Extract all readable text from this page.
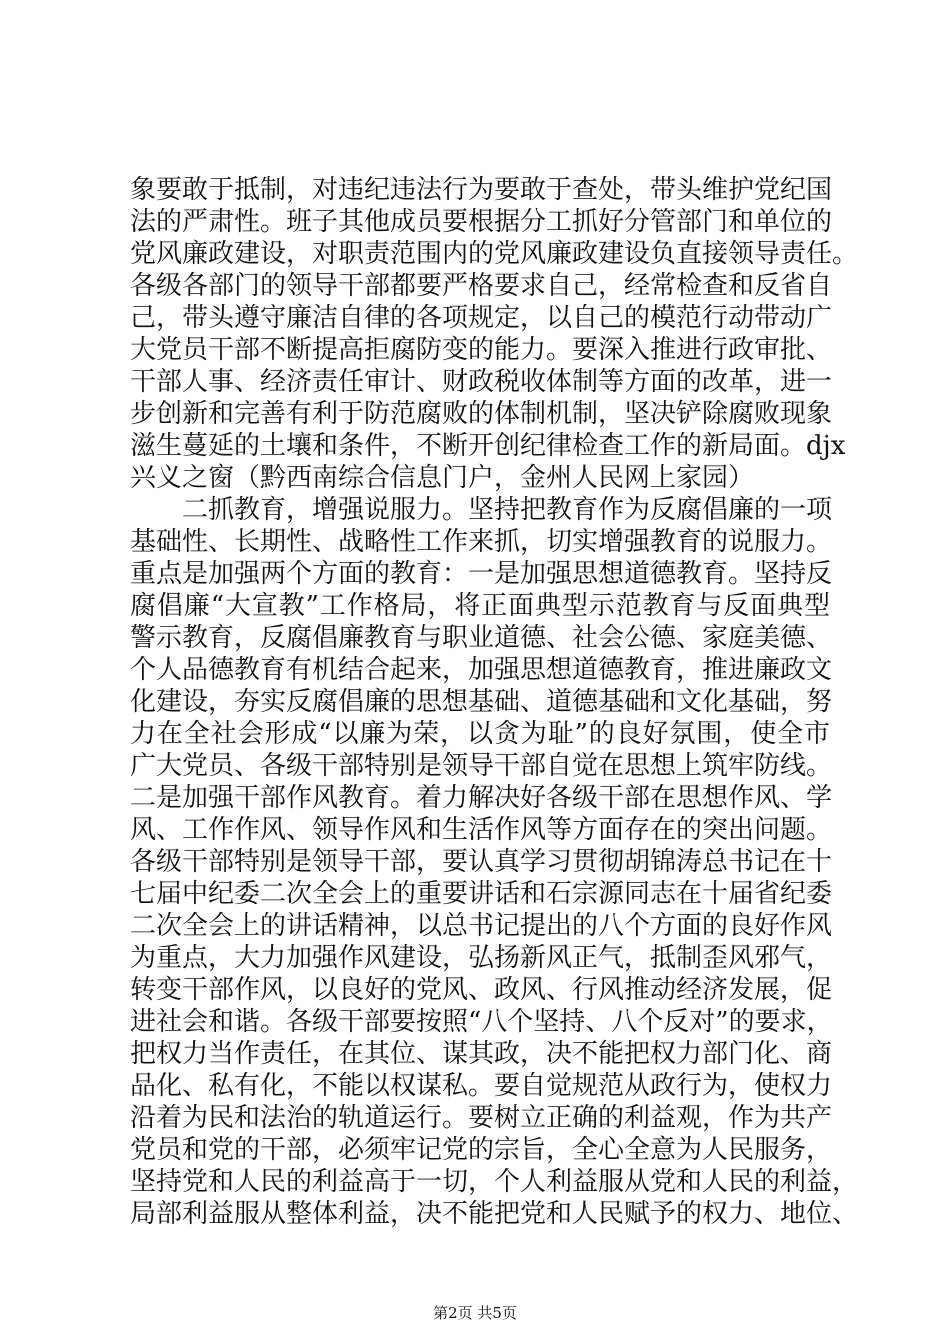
象要敢于抵制，对违纪违法行为要敢于查处，带头维护党纪国
法的严肃性。班子其他成员要根据分工抓好分管部门和单位的
党风廉政建设，对职责范围内的党风廉政建设负直接领导责任。
各级各部门的领导干部都要严格要求自己，经常检查和反省自
己，带头遵守廉洁自律的各项规定，以自己的模范行动带动广
大党员干部不断提高拒腐防变的能力。要深入推进行政审批、
干部人事、经济责任审计、财政税收体制等方面的改革，进一
步创新和完善有利于防范腐败的体制机制，坚决铲除腐败现象
滋生蔓延的土壤和条件，不断开创纪律检查工作的新局面。djx
兴义之窗（黔西南综合信息门户，金州人民网上家园）
　　二抓教育，增强说服力。坚持把教育作为反腐倡廉的一项
基础性、长期性、战略性工作来抓，切实增强教育的说服力。
重点是加强两个方面的教育：一是加强思想道德教育。坚持反
腐倡廉“大宣教”工作格局，将正面典型示范教育与反面典型
警示教育，反腐倡廉教育与职业道德、社会公德、家庭美德、
个人品德教育有机结合起来，加强思想道德教育，推进廉政文
化建设，夯实反腐倡廉的思想基础、道德基础和文化基础，努
力在全社会形成“以廉为荣，以贪为耻”的良好氛围，使全市
广大党员、各级干部特别是领导干部自觉在思想上筑牢防线。
二是加强干部作风教育。着力解决好各级干部在思想作风、学
风、工作作风、领导作风和生活作风等方面存在的突出问题。
各级干部特别是领导干部，要认真学习贯彻胡锦涛总书记在十
七届中纪委二次全会上的重要讲话和石宗源同志在十届省纪委
二次全会上的讲话精神，以总书记提出的八个方面的良好作风
为重点，大力加强作风建设，弘扬新风正气，抵制歪风邪气，
转变干部作风，以良好的党风、政风、行风推动经济发展，促
进社会和谐。各级干部要按照“八个坚持、八个反对”的要求，
把权力当作责任，在其位、谋其政，决不能把权力部门化、商
品化、私有化，不能以权谋私。要自觉规范从政行为，使权力
沿着为民和法治的轨道运行。要树立正确的利益观，作为共产
党员和党的干部，必须牢记党的宗旨，全心全意为人民服务，
坚持党和人民的利益高于一切，个人利益服从党和人民的利益，
局部利益服从整体利益，决不能把党和人民赋予的权力、地位、
第2页 共5页
